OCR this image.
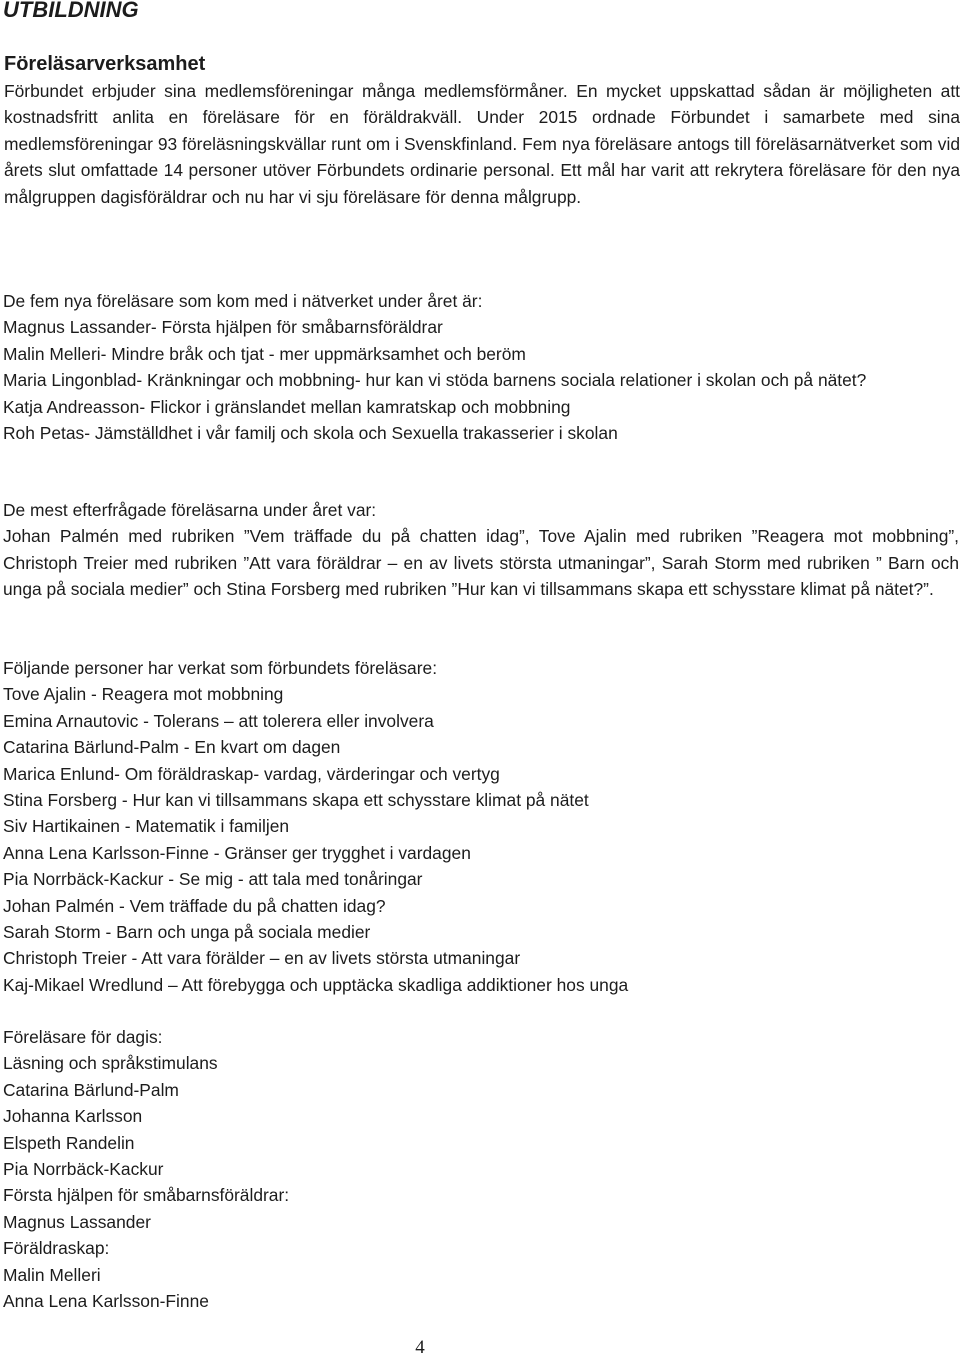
UTBILDNING
Föreläsarverksamhet

Förbundet erbjuder sina medlemsföreningar många medlemsförmåner. En mycket uppskattad sådan är möjligheten att kostnadsfritt anlita en föreläsare för en föräldrakväll. Under 2015 ordnade Förbundet i samarbete med sina medlemsföreningar 93 föreläsningskvällar runt om i Svenskfinland. Fem nya föreläsare antogs till föreläsarnätverket som vid årets slut omfattade 14 personer utöver Förbundets ordinarie personal. Ett mål har varit att rekrytera föreläsare för den nya målgruppen dagisföräldrar och nu har vi sju föreläsare för denna målgrupp.

De fem nya föreläsare som kom med i nätverket under året är:
Magnus Lassander- Första hjälpen för småbarnsföräldrar
Malin Melleri- Mindre bråk och tjat - mer uppmärksamhet och beröm
Maria Lingonblad- Kränkningar och mobbning- hur kan vi stöda barnens sociala relationer i skolan och på nätet?
Katja Andreasson- Flickor i gränslandet mellan kamratskap och mobbning
Roh Petas- Jämställdhet i vår familj och skola och Sexuella trakasserier i skolan
De mest efterfrågade föreläsarna under året var:
Johan Palmén med rubriken ”Vem träffade du på chatten idag”, Tove Ajalin med rubriken ”Reagera mot mobbning”, Christoph Treier med rubriken ”Att vara föräldrar – en av livets största utmaningar”, Sarah Storm med rubriken ” Barn och unga på sociala medier” och Stina Forsberg med rubriken ”Hur kan vi tillsammans skapa ett schysstare klimat på nätet?”.
Följande personer har verkat som förbundets föreläsare:
Tove Ajalin - Reagera mot mobbning
Emina Arnautovic - Tolerans – att tolerera eller involvera
Catarina Bärlund-Palm - En kvart om dagen
Marica Enlund- Om föräldraskap- vardag, värderingar och vertyg
Stina Forsberg - Hur kan vi tillsammans skapa ett schysstare klimat på nätet
Siv Hartikainen - Matematik i familjen
Anna Lena Karlsson-Finne - Gränser ger trygghet i vardagen
Pia Norrbäck-Kackur - Se mig - att tala med tonåringar
Johan Palmén - Vem träffade du på chatten idag?
Sarah Storm - Barn och unga på sociala medier
Christoph Treier - Att vara förälder – en av livets största utmaningar
Kaj-Mikael Wredlund – Att förebygga och upptäcka skadliga addiktioner hos unga
Föreläsare för dagis:
Läsning och språkstimulans
Catarina Bärlund-Palm
Johanna Karlsson
Elspeth Randelin
Pia Norrbäck-Kackur
Första hjälpen för småbarnsföräldrar:
Magnus Lassander
Föräldraskap:
Malin Melleri
Anna Lena Karlsson-Finne
4
